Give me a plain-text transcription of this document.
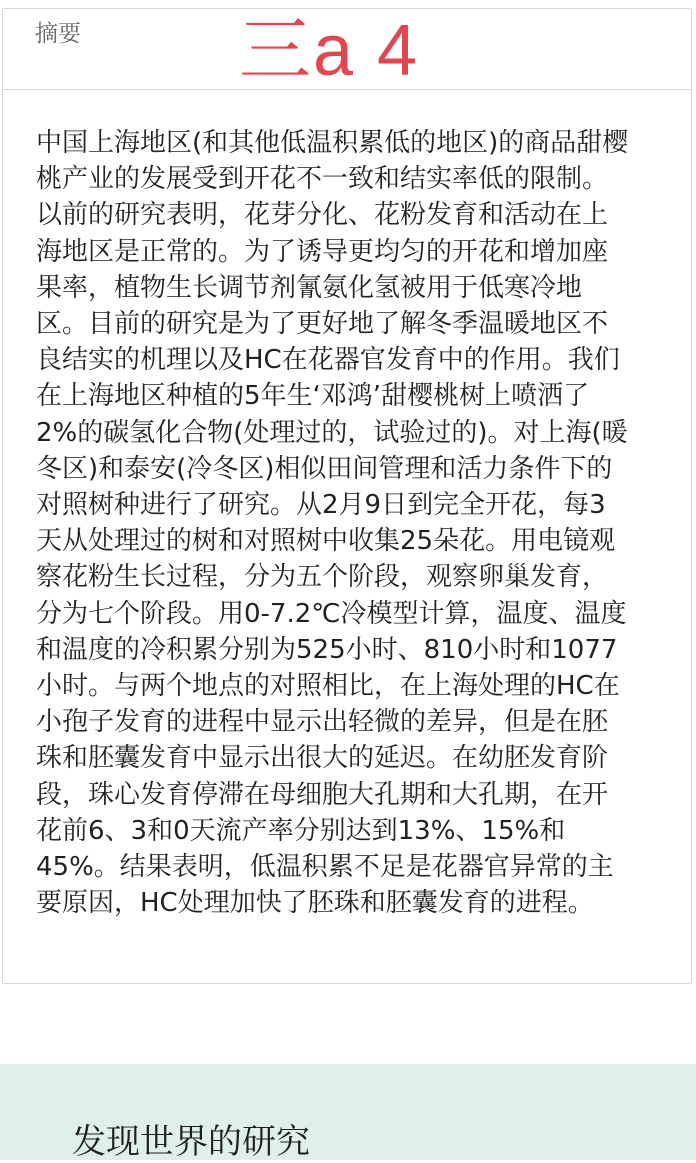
摘要 三a 4
中国上海地区(和其他低温积累低的地区)的商品甜樱
桃产业的发展受到开花不一致和结实率低的限制。
以前的研究表明，花芽分化、花粉发育和活动在上
海地区是正常的。为了诱导更均匀的开花和增加座
果率，植物生长调节剂氰氨化氢被用于低寒冷地
区。目前的研究是为了更好地了解冬季温暖地区不
良结实的机理以及HC在花器官发育中的作用。我们
在上海地区种植的5年生‘邓鸿’甜樱桃树上喷洒了
2%的碳氢化合物(处理过的，试验过的)。对上海(暖
冬区)和泰安(冷冬区)相似田间管理和活力条件下的
对照树种进行了研究。从2月9日到完全开花，每3
天从处理过的树和对照树中收集25朵花。用电镜观
察花粉生长过程，分为五个阶段，观察卵巢发育，
分为七个阶段。用0-7.2℃冷模型计算，温度、温度
和温度的冷积累分别为525小时、810小时和1077
小时。与两个地点的对照相比，在上海处理的HC在
小孢子发育的进程中显示出轻微的差异，但是在胚
珠和胚囊发育中显示出很大的延迟。在幼胚发育阶
段，珠心发育停滞在母细胞大孔期和大孔期，在开
花前6、3和0天流产率分别达到13%、15%和
45%。结果表明，低温积累不足是花器官异常的主
要原因，HC处理加快了胚珠和胚囊发育的进程。
发现世界的研究
